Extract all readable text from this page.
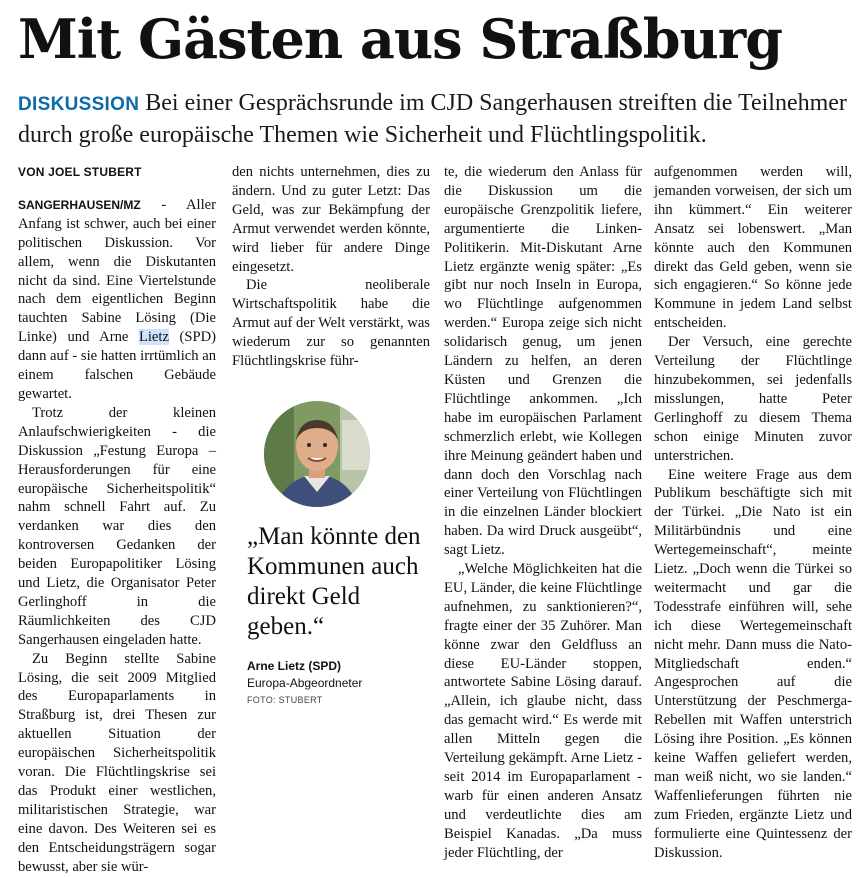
Mit Gästen aus Straßburg
DISKUSSION Bei einer Gesprächsrunde im CJD Sangerhausen streiften die Teilnehmer durch große europäische Themen wie Sicherheit und Flüchtlingspolitik.

VON JOEL STUBERT

SANGERHAUSEN/MZ - Aller Anfang ist schwer, auch bei einer politischen Diskussion. Vor allem, wenn die Diskutanten nicht da sind. Eine Viertelstunde nach dem eigentlichen Beginn tauchten Sabine Lösing (Die Linke) und Arne Lietz (SPD) dann auf - sie hatten irrtümlich an einem falschen Gebäude gewartet.

Trotz der kleinen Anlaufschwierigkeiten - die Diskussion „Festung Europa – Herausforderungen für eine europäische Sicherheitspolitik“ nahm schnell Fahrt auf. Zu verdanken war dies den kontroversen Gedanken der beiden Europapolitiker Lösing und Lietz, die Organisator Peter Gerlinghoff in die Räumlichkeiten des CJD Sangerhausen eingeladen hatte.

Zu Beginn stellte Sabine Lösing, die seit 2009 Mitglied des Europaparlaments in Straßburg ist, drei Thesen zur aktuellen Situation der europäischen Sicherheitspolitik voran. Die Flüchtlingskrise sei das Produkt einer westlichen, militaristischen Strategie, war eine davon. Des Weiteren sei es den Entscheidungsträgern sogar bewusst, aber sie wür-

den nichts unternehmen, dies zu ändern. Und zu guter Letzt: Das Geld, was zur Bekämpfung der Armut verwendet werden könnte, wird lieber für andere Dinge eingesetzt.

Die neoliberale Wirtschaftspolitik habe die Armut auf der Welt verstärkt, was wiederum zur so genannten Flüchtlingskrise führ-

„Man könnte den Kommunen auch direkt Geld geben.“
Arne Lietz (SPD)
Europa-Abgeordneter
FOTO: STUBERT

te, die wiederum den Anlass für die Diskussion um die europäische Grenzpolitik liefere, argumentierte die Linken-Politikerin. Mit-Diskutant Arne Lietz ergänzte wenig später: „Es gibt nur noch Inseln in Europa, wo Flüchtlinge aufgenommen werden.“ Europa zeige sich nicht solidarisch genug, um jenen Ländern zu helfen, an deren Küsten und Grenzen die Flüchtlinge ankommen. „Ich habe im europäischen Parlament schmerzlich erlebt, wie Kollegen ihre Meinung geändert haben und dann doch den Vorschlag nach einer Verteilung von Flüchtlingen in die einzelnen Länder blockiert haben. Da wird Druck ausgeübt“, sagt Lietz.

„Welche Möglichkeiten hat die EU, Länder, die keine Flüchtlinge aufnehmen, zu sanktionieren?“, fragte einer der 35 Zuhörer. Man könne zwar den Geldfluss an diese EU-Länder stoppen, antwortete Sabine Lösing darauf. „Allein, ich glaube nicht, dass das gemacht wird.“ Es werde mit allen Mitteln gegen die Verteilung gekämpft. Arne Lietz - seit 2014 im Europaparlament - warb für einen anderen Ansatz und verdeutlichte dies am Beispiel Kanadas. „Da muss jeder Flüchtling, der

aufgenommen werden will, jemanden vorweisen, der sich um ihn kümmert.“ Ein weiterer Ansatz sei lobenswert. „Man könnte auch den Kommunen direkt das Geld geben, wenn sie sich engagieren.“ So könne jede Kommune in jedem Land selbst entscheiden.

Der Versuch, eine gerechte Verteilung der Flüchtlinge hinzubekommen, sei jedenfalls misslungen, hatte Peter Gerlinghoff zu diesem Thema schon einige Minuten zuvor unterstrichen.

Eine weitere Frage aus dem Publikum beschäftigte sich mit der Türkei. „Die Nato ist ein Militärbündnis und eine Wertegemeinschaft“, meinte Lietz. „Doch wenn die Türkei so weitermacht und gar die Todesstrafe einführen will, sehe ich diese Wertegemeinschaft nicht mehr. Dann muss die Nato-Mitgliedschaft enden.“ Angesprochen auf die Unterstützung der Peschmerga-Rebellen mit Waffen unterstrich Lösing ihre Position. „Es können keine Waffen geliefert werden, man weiß nicht, wo sie landen.“ Waffenlieferungen führten nie zum Frieden, ergänzte Lietz und formulierte eine Quintessenz der Diskussion.
